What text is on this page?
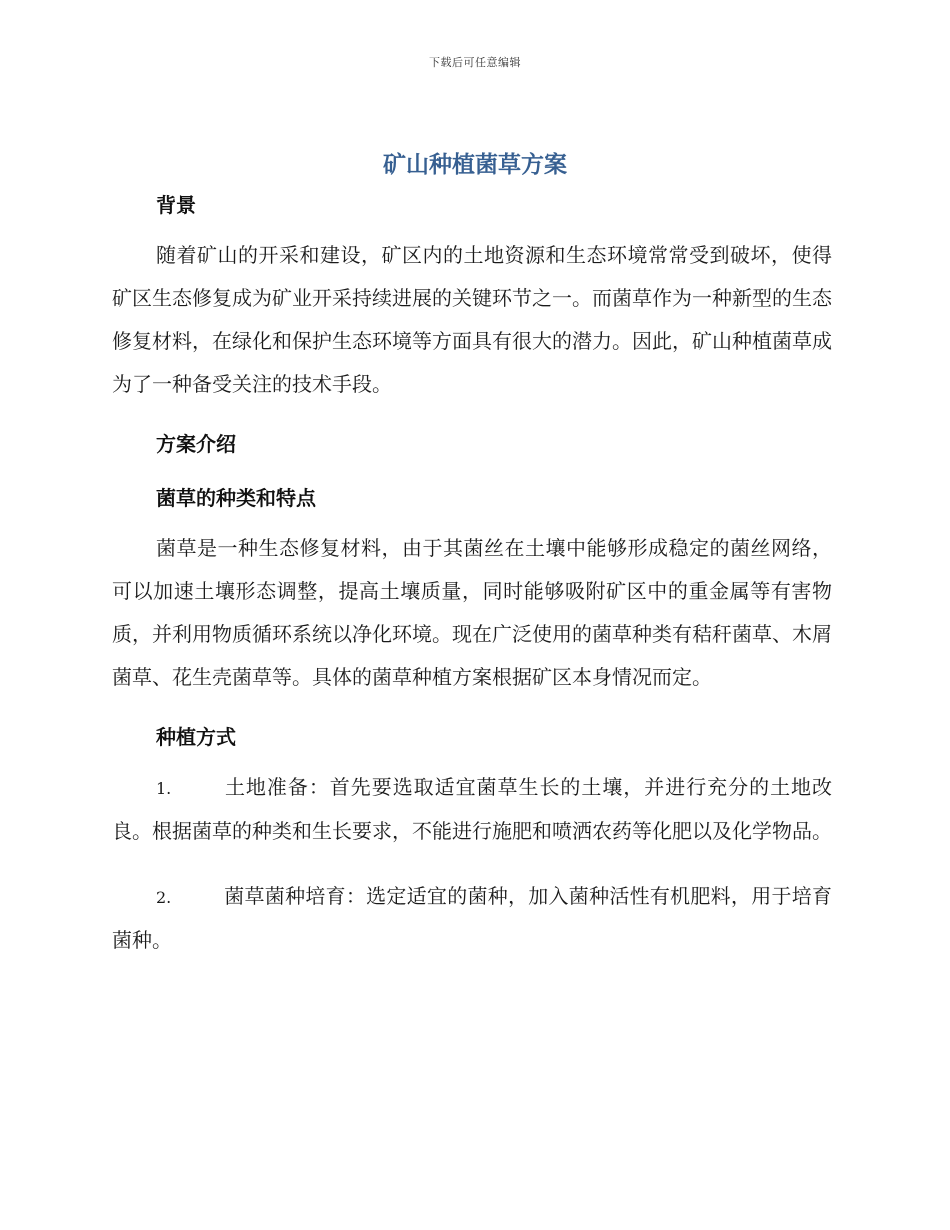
下载后可任意编辑
矿山种植菌草方案
背景

随着矿山的开采和建设，矿区内的土地资源和生态环境常常受到破坏，使得矿区生态修复成为矿业开采持续进展的关键环节之一。而菌草作为一种新型的生态修复材料，在绿化和保护生态环境等方面具有很大的潜力。因此，矿山种植菌草成为了一种备受关注的技术手段。

方案介绍
菌草的种类和特点

菌草是一种生态修复材料，由于其菌丝在土壤中能够形成稳定的菌丝网络，可以加速土壤形态调整，提高土壤质量，同时能够吸附矿区中的重金属等有害物质，并利用物质循环系统以净化环境。现在广泛使用的菌草种类有秸秆菌草、木屑菌草、花生壳菌草等。具体的菌草种植方案根据矿区本身情况而定。

种植方式

1.	土地准备：首先要选取适宜菌草生长的土壤，并进行充分的土地改良。根据菌草的种类和生长要求，不能进行施肥和喷洒农药等化肥以及化学物品。

2.	菌草菌种培育：选定适宜的菌种，加入菌种活性有机肥料，用于培育菌种。
